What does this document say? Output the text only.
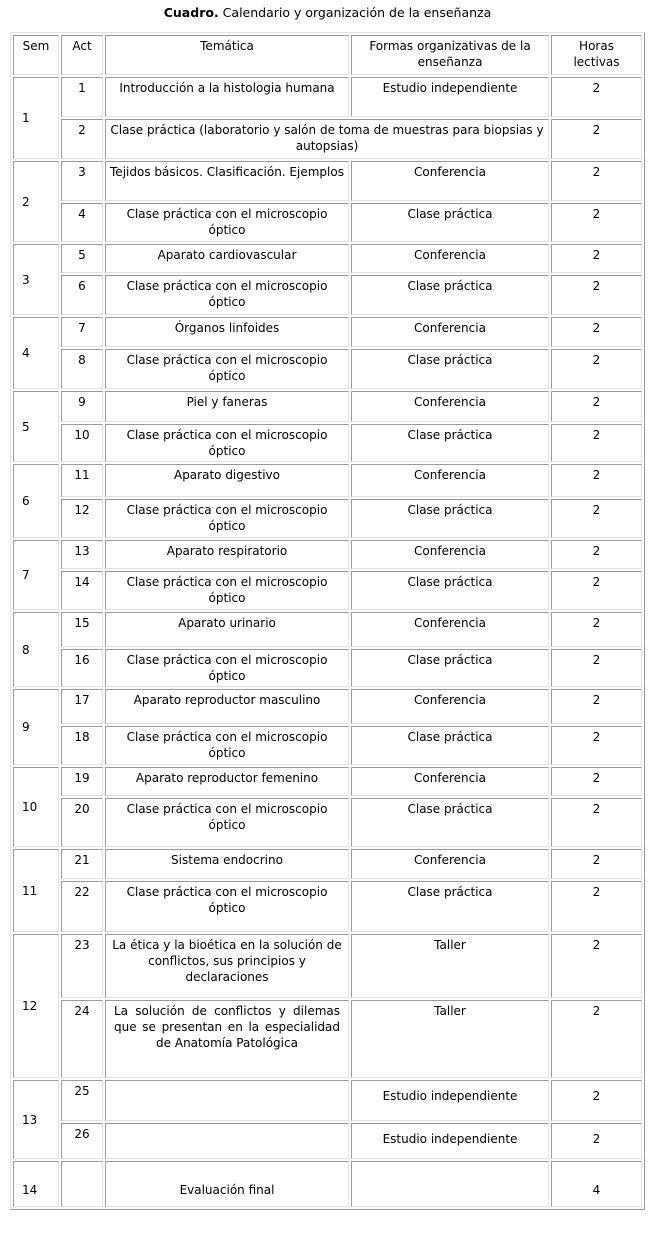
Cuadro. Calendario y organización de la enseñanza
Sem	Act	Temática	Formas organizativas de la enseñanza	Horas lectivas
1	1	Introducción a la histologia humana	Estudio independiente	2
	2	Clase práctica (laboratorio y salón de toma de muestras para biopsias y autopsias)		2
2	3	Tejidos básicos. Clasificación. Ejemplos	Conferencia	2
	4	Clase práctica con el microscopio óptico	Clase práctica	2
3	5	Aparato cardiovascular	Conferencia	2
	6	Clase práctica con el microscopio óptico	Clase práctica	2
4	7	Órganos linfoides	Conferencia	2
	8	Clase práctica con el microscopio óptico	Clase práctica	2
5	9	Piel y faneras	Conferencia	2
	10	Clase práctica con el microscopio óptico	Clase práctica	2
6	11	Aparato digestivo	Conferencia	2
	12	Clase práctica con el microscopio óptico	Clase práctica	2
7	13	Aparato respiratorio	Conferencia	2
	14	Clase práctica con el microscopio óptico	Clase práctica	2
8	15	Aparato urinario	Conferencia	2
	16	Clase práctica con el microscopio óptico	Clase práctica	2
9	17	Aparato reproductor masculino	Conferencia	2
	18	Clase práctica con el microscopio óptico	Clase práctica	2
10	19	Aparato reproductor femenino	Conferencia	2
	20	Clase práctica con el microscopio óptico	Clase práctica	2
11	21	Sistema endocrino	Conferencia	2
	22	Clase práctica con el microscopio óptico	Clase práctica	2
12	23	La ética y la bioética en la solución de conflictos, sus principios y declaraciones	Taller	2
	24	La solución de conflictos y dilemas que se presentan en la especialidad de Anatomía Patológica	Taller	2
13	25		Estudio independiente	2
	26		Estudio independiente	2
14		Evaluación final		4
